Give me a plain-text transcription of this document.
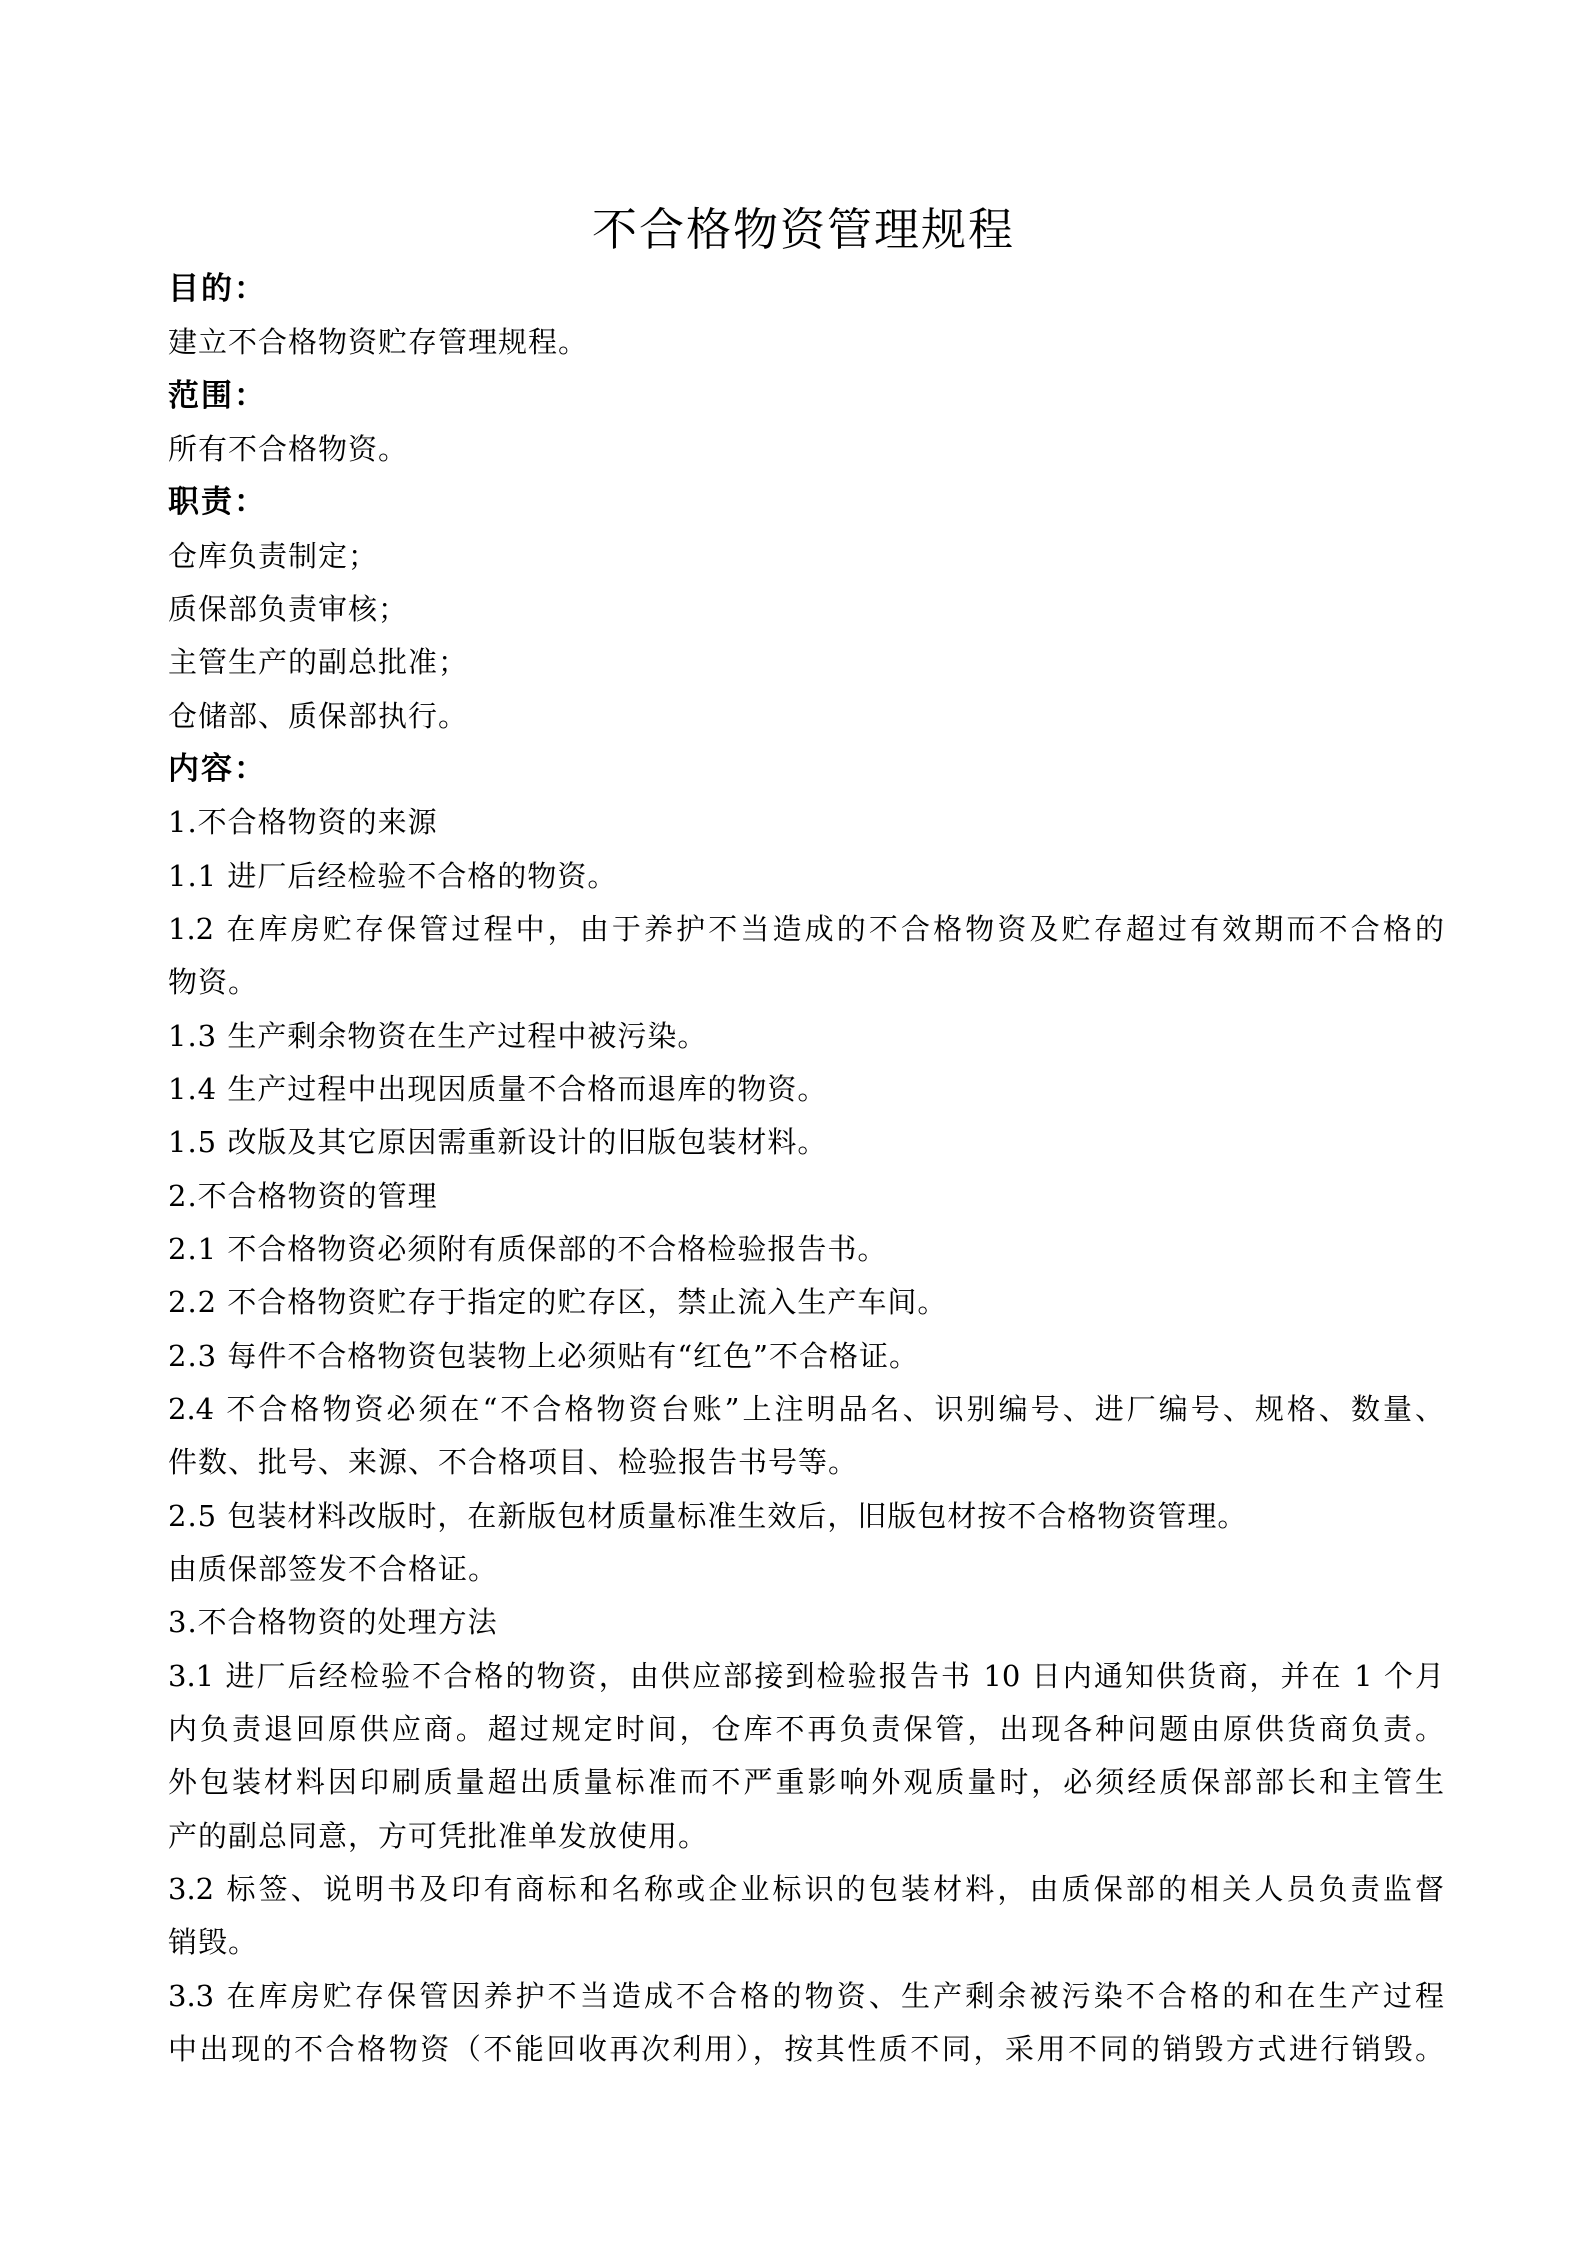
不合格物资管理规程
目的：
建立不合格物资贮存管理规程。
范围：
所有不合格物资。
职责：
仓库负责制定；
质保部负责审核；
主管生产的副总批准；
仓储部、质保部执行。
内容：
1.不合格物资的来源
1.1 进厂后经检验不合格的物资。
1.2 在库房贮存保管过程中，由于养护不当造成的不合格物资及贮存超过有效期而不合格的
物资。
1.3 生产剩余物资在生产过程中被污染。
1.4 生产过程中出现因质量不合格而退库的物资。
1.5 改版及其它原因需重新设计的旧版包装材料。
2.不合格物资的管理
2.1 不合格物资必须附有质保部的不合格检验报告书。
2.2 不合格物资贮存于指定的贮存区，禁止流入生产车间。
2.3 每件不合格物资包装物上必须贴有“红色”不合格证。
2.4 不合格物资必须在“不合格物资台账”上注明品名、识别编号、进厂编号、规格、数量、
件数、批号、来源、不合格项目、检验报告书号等。
2.5 包装材料改版时，在新版包材质量标准生效后，旧版包材按不合格物资管理。
由质保部签发不合格证。
3.不合格物资的处理方法
3.1 进厂后经检验不合格的物资，由供应部接到检验报告书 10 日内通知供货商，并在 1 个月
内负责退回原供应商。超过规定时间，仓库不再负责保管，出现各种问题由原供货商负责。
外包装材料因印刷质量超出质量标准而不严重影响外观质量时，必须经质保部部长和主管生
产的副总同意，方可凭批准单发放使用。
3.2 标签、说明书及印有商标和名称或企业标识的包装材料，由质保部的相关人员负责监督
销毁。
3.3 在库房贮存保管因养护不当造成不合格的物资、生产剩余被污染不合格的和在生产过程
中出现的不合格物资（不能回收再次利用），按其性质不同，采用不同的销毁方式进行销毁。
